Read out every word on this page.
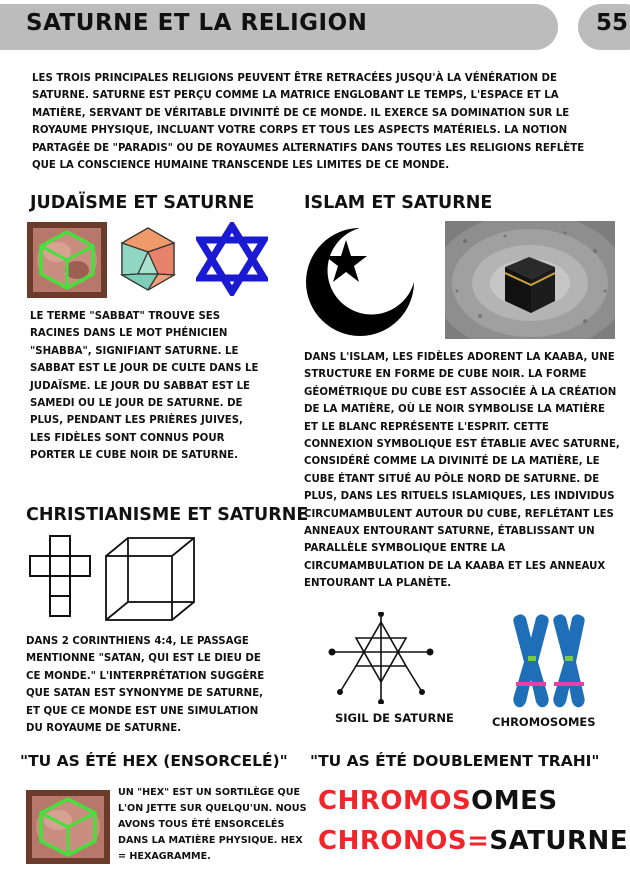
SATURNE ET LA RELIGION	55
LES TROIS PRINCIPALES RELIGIONS PEUVENT ÊTRE RETRACÉES JUSQU'À LA VÉNÉRATION DE SATURNE. SATURNE EST PERÇU COMME LA MATRICE ENGLOBANT LE TEMPS, L'ESPACE ET LA MATIÈRE, SERVANT DE VÉRITABLE DIVINITÉ DE CE MONDE. IL EXERCE SA DOMINATION SUR LE ROYAUME PHYSIQUE, INCLUANT VOTRE CORPS ET TOUS LES ASPECTS MATÉRIELS. LA NOTION PARTAGÉE DE "PARADIS" OU DE ROYAUMES ALTERNATIFS DANS TOUTES LES RELIGIONS REFLÈTE QUE LA CONSCIENCE HUMAINE TRANSCENDE LES LIMITES DE CE MONDE.
JUDAÏSME ET SATURNE
LE TERME "SABBAT" TROUVE SES RACINES DANS LE MOT PHÉNICIEN "SHABBA", SIGNIFIANT SATURNE. LE SABBAT EST LE JOUR DE CULTE DANS LE JUDAÏSME. LE JOUR DU SABBAT EST LE SAMEDI OU LE JOUR DE SATURNE. DE PLUS, PENDANT LES PRIÈRES JUIVES, LES FIDÈLES SONT CONNUS POUR PORTER LE CUBE NOIR DE SATURNE.
CHRISTIANISME ET SATURNE
DANS 2 CORINTHIENS 4:4, LE PASSAGE MENTIONNE "SATAN, QUI EST LE DIEU DE CE MONDE." L'INTERPRÉTATION SUGGÈRE QUE SATAN EST SYNONYME DE SATURNE, ET QUE CE MONDE EST UNE SIMULATION DU ROYAUME DE SATURNE.
ISLAM ET SATURNE
DANS L'ISLAM, LES FIDÈLES ADORENT LA KAABA, UNE STRUCTURE EN FORME DE CUBE NOIR. LA FORME GÉOMÉTRIQUE DU CUBE EST ASSOCIÉE À LA CRÉATION DE LA MATIÈRE, OÙ LE NOIR SYMBOLISE LA MATIÈRE ET LE BLANC REPRÉSENTE L'ESPRIT. CETTE CONNEXION SYMBOLIQUE EST ÉTABLIE AVEC SATURNE, CONSIDÉRÉ COMME LA DIVINITÉ DE LA MATIÈRE, LE CUBE ÉTANT SITUÉ AU PÔLE NORD DE SATURNE. DE PLUS, DANS LES RITUELS ISLAMIQUES, LES INDIVIDUS CIRCUMAMBULENT AUTOUR DU CUBE, REFLÉTANT LES ANNEAUX ENTOURANT SATURNE, ÉTABLISSANT UN PARALLÈLE SYMBOLIQUE ENTRE LA CIRCUMAMBULATION DE LA KAABA ET LES ANNEAUX ENTOURANT LA PLANÈTE.
SIGIL DE SATURNE	CHROMOSOMES
"TU AS ÉTÉ HEX (ENSORCELÉ)"
UN "HEX" EST UN SORTILÈGE QUE L'ON JETTE SUR QUELQU'UN. NOUS AVONS TOUS ÉTÉ ENSORCELÉS DANS LA MATIÈRE PHYSIQUE. HEX = HEXAGRAMME.
"TU AS ÉTÉ DOUBLEMENT TRAHI"
CHROMOSOMES
CHRONOS=SATURNE
